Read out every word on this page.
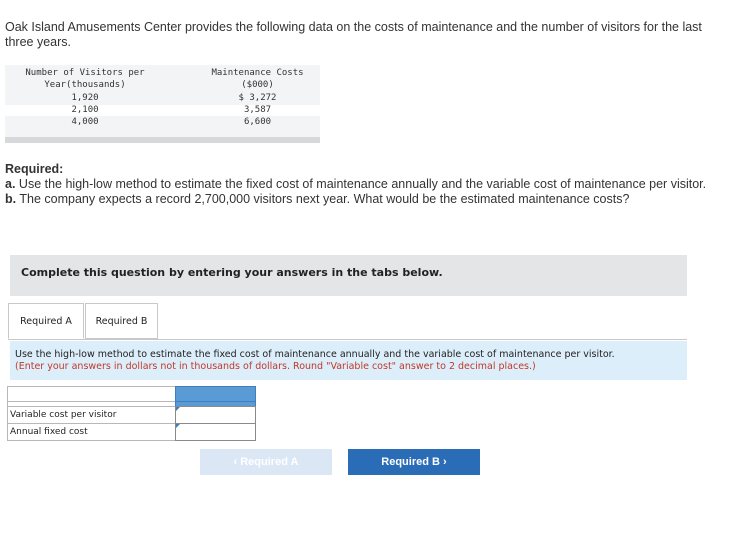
Oak Island Amusements Center provides the following data on the costs of maintenance and the number of visitors for the last three years.
Number of Visitors per	Maintenance Costs
Year(thousands)	($000)
1,920	$ 3,272
2,100	3,587
4,000	6,600
Required:
a. Use the high-low method to estimate the fixed cost of maintenance annually and the variable cost of maintenance per visitor.
b. The company expects a record 2,700,000 visitors next year. What would be the estimated maintenance costs?
Complete this question by entering your answers in the tabs below.
Required A	Required B
Use the high-low method to estimate the fixed cost of maintenance annually and the variable cost of maintenance per visitor.
(Enter your answers in dollars not in thousands of dollars. Round "Variable cost" answer to 2 decimal places.)
Variable cost per visitor
Annual fixed cost
‹ Required A	Required B ›
